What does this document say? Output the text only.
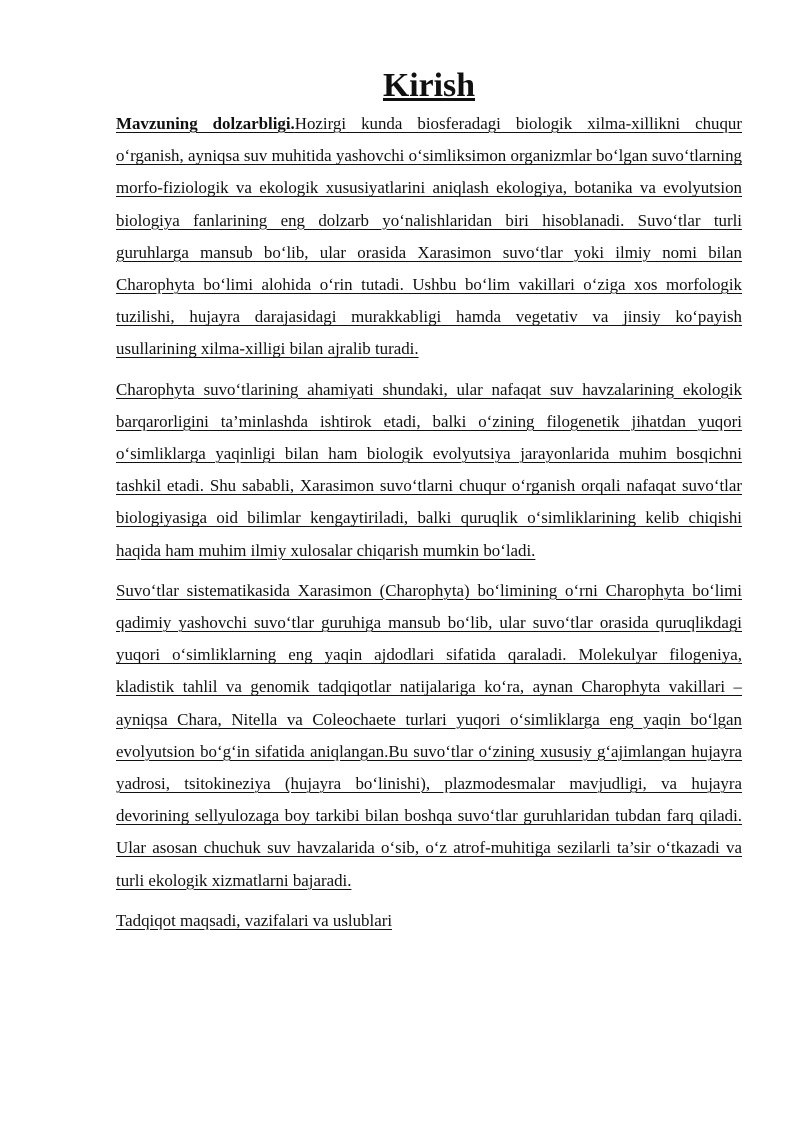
Kirish

Mavzuning dolzarbligi.Hozirgi kunda biosferadagi biologik xilma-xillikni chuqur o‘rganish, ayniqsa suv muhitida yashovchi o‘simliksimon organizmlar bo‘lgan suvo‘tlarning morfo-fiziologik va ekologik xususiyatlarini aniqlash ekologiya, botanika va evolyutsion biologiya fanlarining eng dolzarb yo‘nalishlaridan biri hisoblanadi. Suvo‘tlar turli guruhlarga mansub bo‘lib, ular orasida Xarasimon suvo‘tlar yoki ilmiy nomi bilan Charophyta bo‘limi alohida o‘rin tutadi. Ushbu bo‘lim vakillari o‘ziga xos morfologik tuzilishi, hujayra darajasidagi murakkabligi hamda vegetativ va jinsiy ko‘payish usullarining xilma-xilligi bilan ajralib turadi.

Charophyta suvo‘tlarining ahamiyati shundaki, ular nafaqat suv havzalarining ekologik barqarorligini ta’minlashda ishtirok etadi, balki o‘zining filogenetik jihatdan yuqori o‘simliklarga yaqinligi bilan ham biologik evolyutsiya jarayonlarida muhim bosqichni tashkil etadi. Shu sababli, Xarasimon suvo‘tlarni chuqur o‘rganish orqali nafaqat suvo‘tlar biologiyasiga oid bilimlar kengaytiriladi, balki quruqlik o‘simliklarining kelib chiqishi haqida ham muhim ilmiy xulosalar chiqarish mumkin bo‘ladi.

Suvo‘tlar sistematikasida Xarasimon (Charophyta) bo‘limining o‘rni Charophyta bo‘limi qadimiy yashovchi suvo‘tlar guruhiga mansub bo‘lib, ular suvo‘tlar orasida quruqlikdagi yuqori o‘simliklarning eng yaqin ajdodlari sifatida qaraladi. Molekulyar filogeniya, kladistik tahlil va genomik tadqiqotlar natijalariga ko‘ra, aynan Charophyta vakillari – ayniqsa Chara, Nitella va Coleochaete turlari yuqori o‘simliklarga eng yaqin bo‘lgan evolyutsion bo‘g‘in sifatida aniqlangan.Bu suvo‘tlar o‘zining xususiy g‘ajimlangan hujayra yadrosi, tsitokineziya (hujayra bo‘linishi), plazmodesmalar mavjudligi, va hujayra devorining sellyulozaga boy tarkibi bilan boshqa suvo‘tlar guruhlaridan tubdan farq qiladi. Ular asosan chuchuk suv havzalarida o‘sib, o‘z atrof-muhitiga sezilarli ta’sir o‘tkazadi va turli ekologik xizmatlarni bajaradi.

Tadqiqot maqsadi, vazifalari va uslublari
